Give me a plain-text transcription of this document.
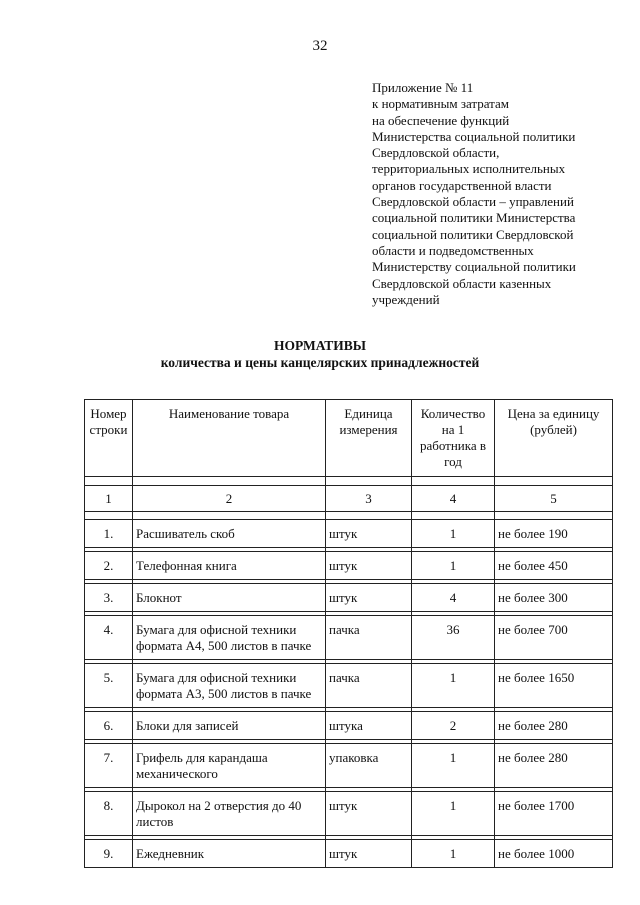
32
Приложение № 11
к нормативным затратам
на обеспечение функций
Министерства социальной политики
Свердловской области,
территориальных исполнительных
органов государственной власти
Свердловской области – управлений
социальной политики Министерства
социальной политики Свердловской
области и подведомственных
Министерству социальной политики
Свердловской области казенных
учреждений
НОРМАТИВЫ
количества и цены канцелярских принадлежностей
Номер строки	Наименование товара	Единица измерения	Количество на 1 работника в год	Цена за единицу (рублей)

1	2	3	4	5

1.	Расшиватель скоб	штук	1	не более 190

2.	Телефонная книга	штук	1	не более 450

3.	Блокнот	штук	4	не более 300

4.	Бумага для офисной техники формата А4, 500 листов в пачке	пачка	36	не более 700

5.	Бумага для офисной техники формата А3, 500 листов в пачке	пачка	1	не более 1650

6.	Блоки для записей	штука	2	не более 280

7.	Грифель для карандаша механического	упаковка	1	не более 280

8.	Дырокол на 2 отверстия до 40 листов	штук	1	не более 1700

9.	Ежедневник	штук	1	не более 1000
